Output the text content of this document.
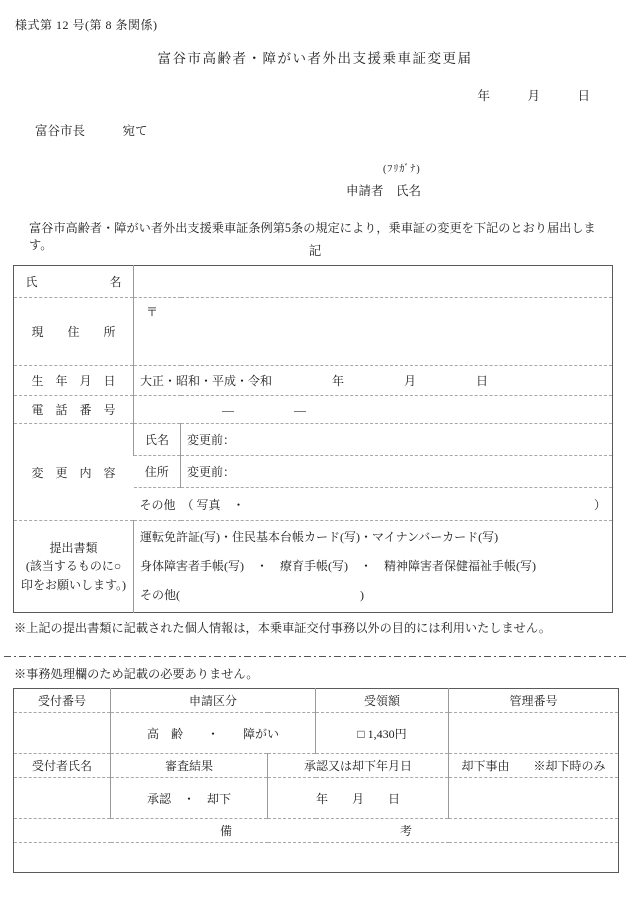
様式第 12 号(第 8 条関係)
富谷市高齢者・障がい者外出支援乗車証変更届
年　　　月　　　日
富谷市長　　　宛て
(ﾌﾘｶﾞﾅ)
申請者　氏名
富谷市高齢者・障がい者外出支援乗車証条例第5条の規定により，乗車証の変更を下記のとおり届出します。	記
氏　　　　　　名		
現　　住　　所	〒	

生　年　月　日	大正・昭和・平成・令和　　　　　年　　　　　月　　　　　日	
電　話　番　号	―　　　　　―	
変　更　内　容	氏名	変更前：
	住所	変更前：

	その他　（ 写真　・ ）	

提出書類
(該当するものに○
印をお願いします。)

運転免許証(写)・住民基本台帳カード(写)・マイナンバーカード(写)
身体障害者手帳(写)　・　療育手帳(写)　・　精神障害者保健福祉手帳(写)
その他(　　　　　　　　　　　　　　　)
※上記の提出書類に記載された個人情報は，本乗車証交付事務以外の目的には利用いたしません。
※事務処理欄のため記載の必要ありません。
受付番号	申請区分		受領額	管理番号
	高　齢　　・　　障がい		□ 1,430円	
受付者氏名	審査結果	承認又は却下年月日		却下事由　　※却下時のみ
	承認　・　却下	年　　月　　日		

備 考				
